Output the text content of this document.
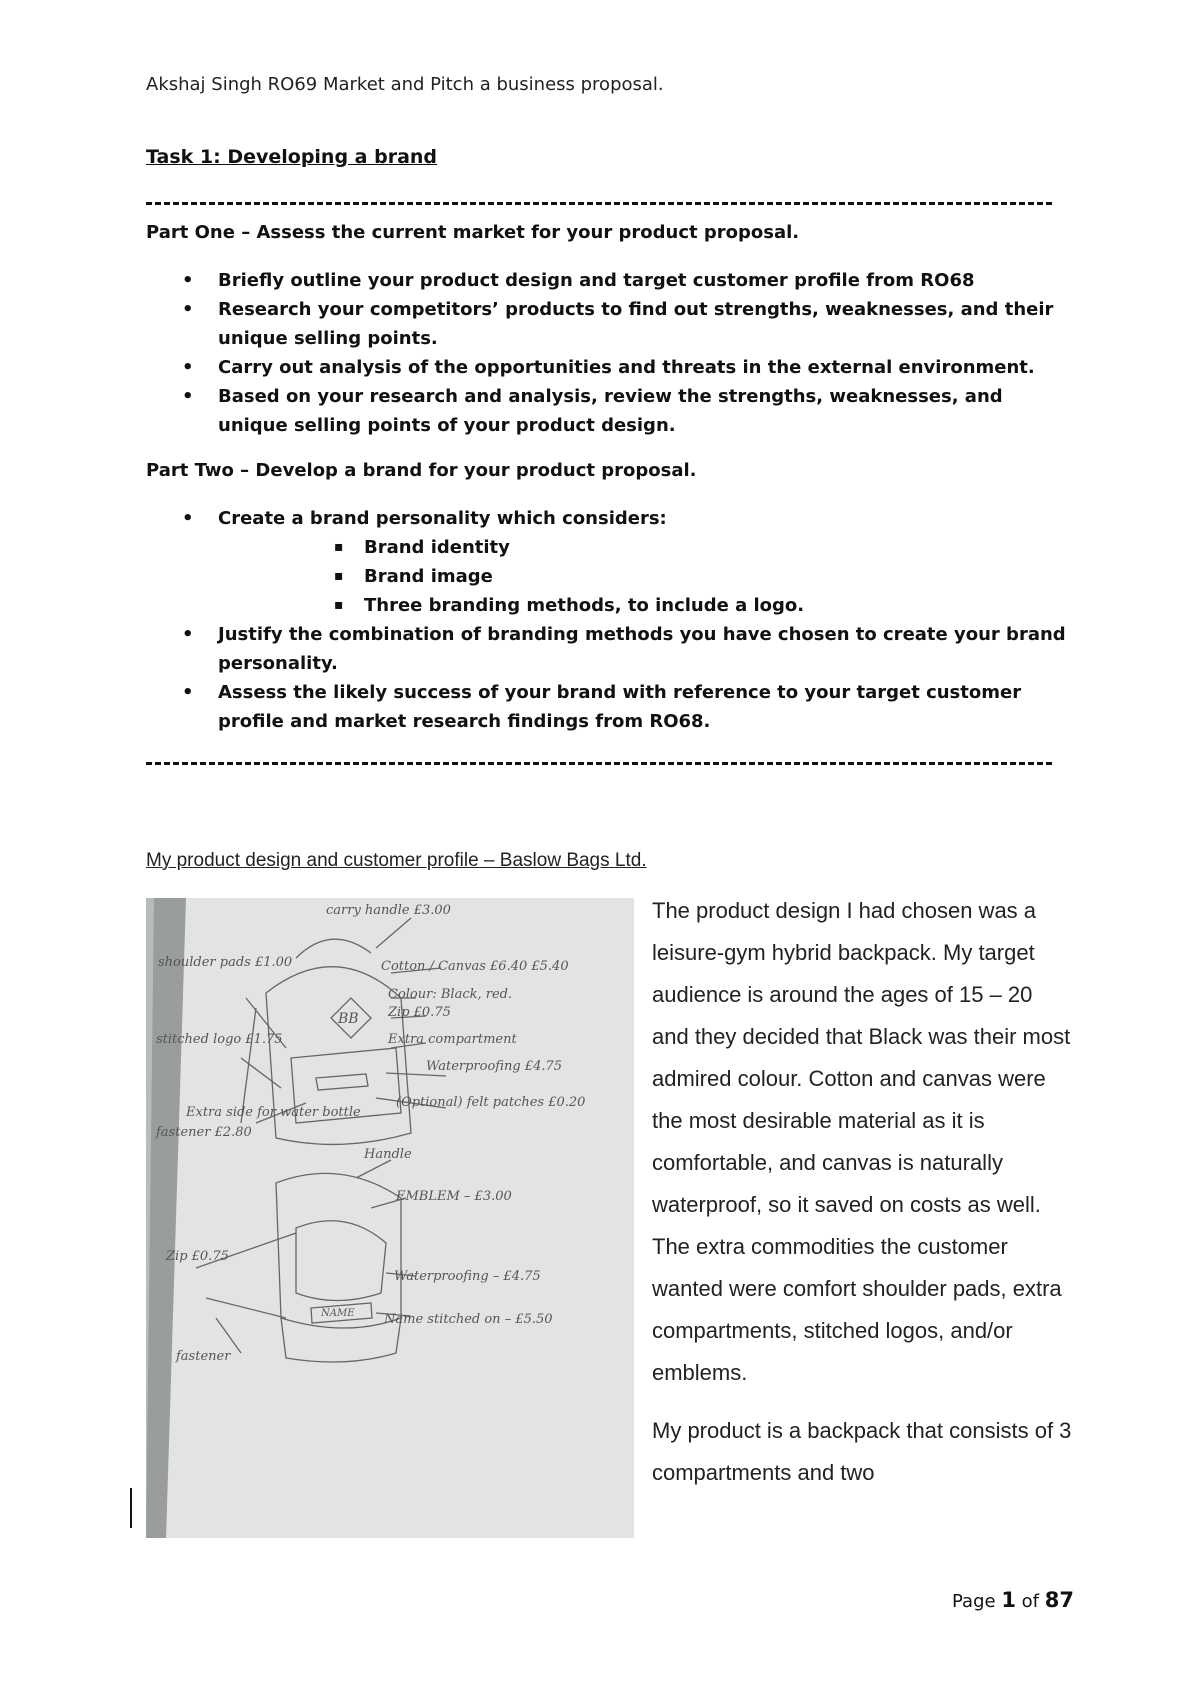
Akshaj Singh RO69 Market and Pitch a business proposal.
Task 1: Developing a brand
Part One – Assess the current market for your product proposal.
• Briefly outline your product design and target customer profile from RO68
• Research your competitors’ products to find out strengths, weaknesses, and their unique selling points.
• Carry out analysis of the opportunities and threats in the external environment.
• Based on your research and analysis, review the strengths, weaknesses, and unique selling points of your product design.
Part Two – Develop a brand for your product proposal.
• Create a brand personality which considers:
▪ Brand identity
▪ Brand image
▪ Three branding methods, to include a logo.
• Justify the combination of branding methods you have chosen to create your brand personality.
• Assess the likely success of your brand with reference to your target customer profile and market research findings from RO68.
My product design and customer profile – Baslow Bags Ltd.
carry handle £3.00
shoulder pads £1.00	Cotton / Canvas £6.40 £5.40
Colour: Black, red.
Zip £0.75
Extra compartment
stitched logo £1.75
Waterproofing £4.75
(Optional) felt patches £0.20
Extra side for water bottle
fastener £2.80
Handle
EMBLEM – £3.00
Zip £0.75
Waterproofing – £4.75
Name stitched on – £5.50
fastener
NAME
BB

The product design I had chosen was a leisure-gym hybrid backpack. My target audience is around the ages of 15 – 20 and they decided that Black was their most admired colour. Cotton and canvas were the most desirable material as it is comfortable, and canvas is naturally waterproof, so it saved on costs as well. The extra commodities the customer wanted were comfort shoulder pads, extra compartments, stitched logos, and/or emblems.

My product is a backpack that consists of 3 compartments and two

Page 1 of 87
